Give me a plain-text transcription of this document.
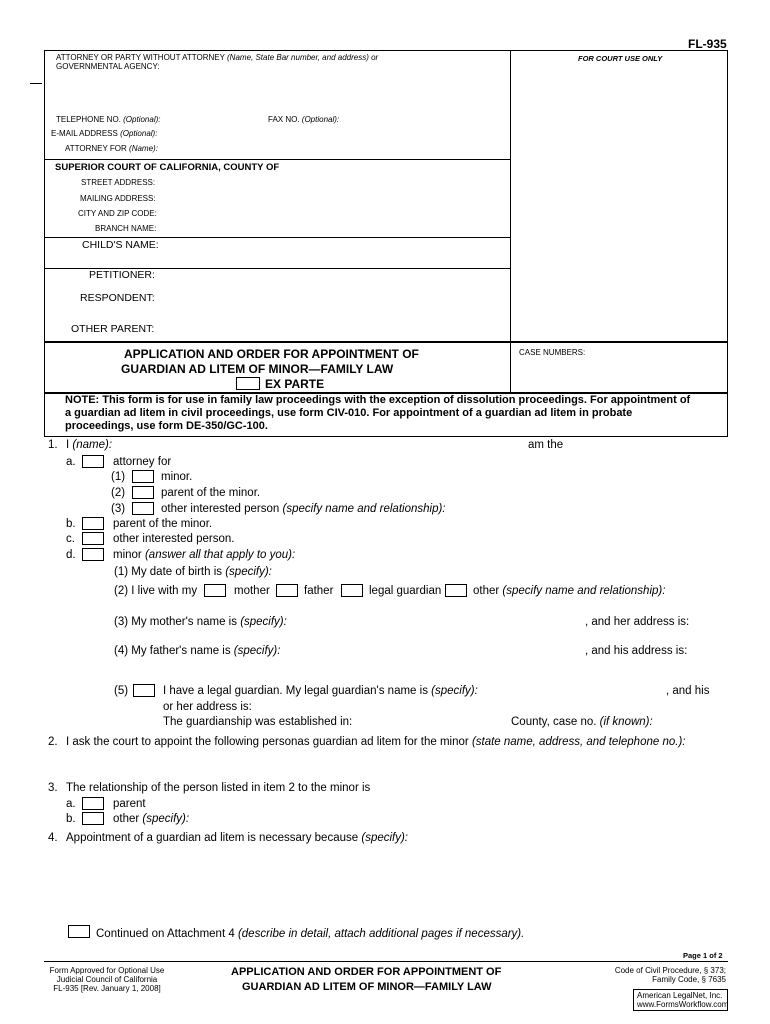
FL-935
ATTORNEY OR PARTY WITHOUT ATTORNEY (Name, State Bar number, and address) or
GOVERNMENTAL AGENCY:
FOR COURT USE ONLY
TELEPHONE NO. (Optional):	FAX NO. (Optional):
E-MAIL ADDRESS (Optional):
ATTORNEY FOR (Name):
SUPERIOR COURT OF CALIFORNIA, COUNTY OF
STREET ADDRESS:
MAILING ADDRESS:
CITY AND ZIP CODE:
BRANCH NAME:
CHILD'S NAME:
PETITIONER:
RESPONDENT:
OTHER PARENT:
APPLICATION AND ORDER FOR APPOINTMENT OF
GUARDIAN AD LITEM OF MINOR—FAMILY LAW
EX PARTE
CASE NUMBERS:
NOTE: This form is for use in family law proceedings with the exception of dissolution proceedings. For appointment of
a guardian ad litem in civil proceedings, use form CIV-010. For appointment of a guardian ad litem in probate
proceedings, use form DE-350/GC-100.
1. I (name):	am the
a.	attorney for
(1)	minor.
(2)	parent of the minor.
(3)	other interested person (specify name and relationship):
b.	parent of the minor.
c.	other interested person.
d.	minor (answer all that apply to you):
(1) My date of birth is (specify):
(2) I live with my	mother	father	legal guardian	other (specify name and relationship):
(3) My mother's name is (specify):	, and her address is:
(4) My father's name is (specify):	, and his address is:
(5)	I have a legal guardian. My legal guardian's name is (specify):	, and his
or her address is:
The guardianship was established in:	County, case no. (if known):
2. I ask the court to appoint the following personas guardian ad litem for the minor (state name, address, and telephone no.):
3. The relationship of the person listed in item 2 to the minor is
a.	parent
b.	other (specify):
4. Appointment of a guardian ad litem is necessary because (specify):
Continued on Attachment 4 (describe in detail, attach additional pages if necessary).
Page 1 of 2
Form Approved for Optional Use
Judicial Council of California
FL-935 [Rev. January 1, 2008]
APPLICATION AND ORDER FOR APPOINTMENT OF
GUARDIAN AD LITEM OF MINOR—FAMILY LAW
Code of Civil Procedure, § 373;
Family Code, § 7635
American LegalNet, Inc.
www.FormsWorkflow.com
